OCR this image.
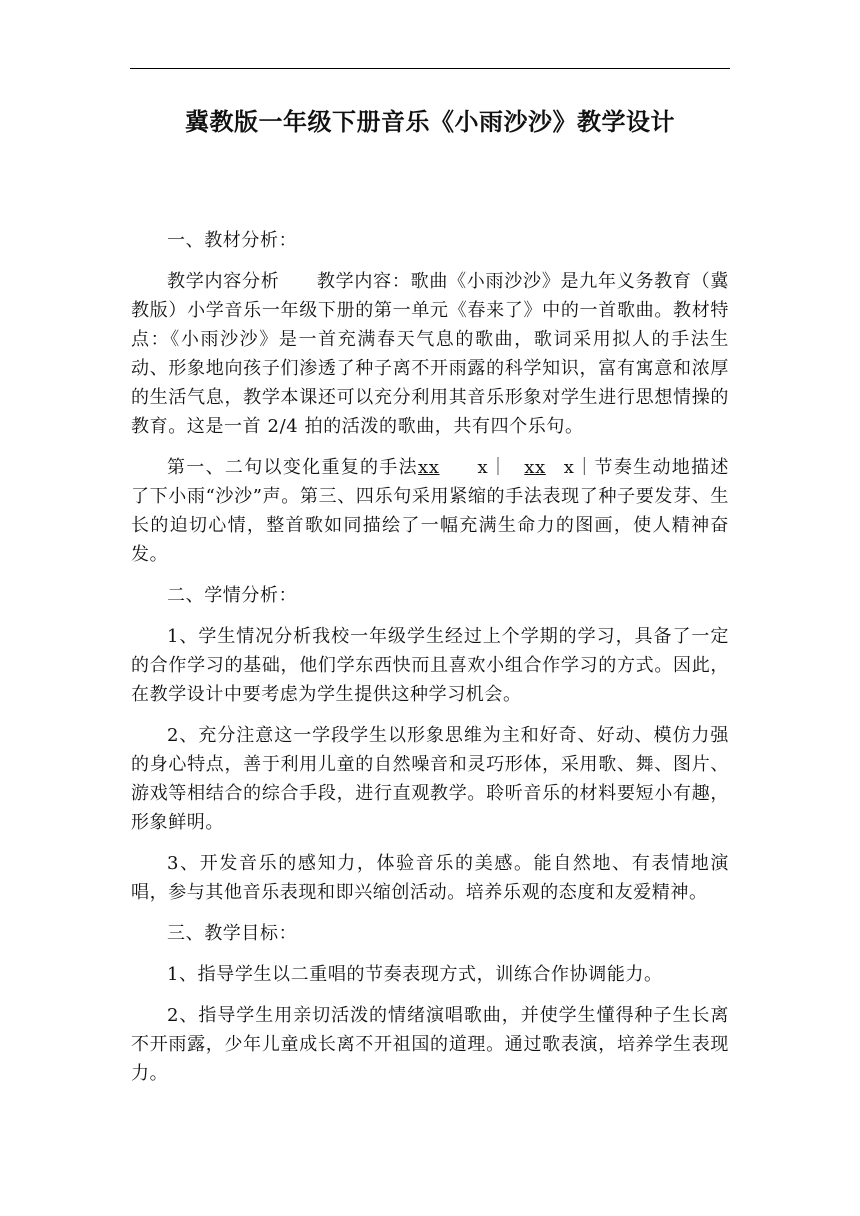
冀教版一年级下册音乐《小雨沙沙》教学设计

一、教材分析：

教学内容分析　　教学内容：歌曲《小雨沙沙》是九年义务教育（冀教版）小学音乐一年级下册的第一单元《春来了》中的一首歌曲。教材特点：《小雨沙沙》是一首充满春天气息的歌曲，歌词采用拟人的手法生动、形象地向孩子们渗透了种子离不开雨露的科学知识，富有寓意和浓厚的生活气息，教学本课还可以充分利用其音乐形象对学生进行思想情操的教育。这是一首 2/4 拍的活泼的歌曲，共有四个乐句。

第一、二句以变化重复的手法xx x｜ xx x｜节奏生动地描述了下小雨“沙沙”声。第三、四乐句采用紧缩的手法表现了种子要发芽、生长的迫切心情，整首歌如同描绘了一幅充满生命力的图画，使人精神奋发。

二、学情分析：

1、学生情况分析我校一年级学生经过上个学期的学习，具备了一定的合作学习的基础，他们学东西快而且喜欢小组合作学习的方式。因此，在教学设计中要考虑为学生提供这种学习机会。

2、充分注意这一学段学生以形象思维为主和好奇、好动、模仿力强的身心特点，善于利用儿童的自然噪音和灵巧形体，采用歌、舞、图片、游戏等相结合的综合手段，进行直观教学。聆听音乐的材料要短小有趣，形象鲜明。

3、开发音乐的感知力，体验音乐的美感。能自然地、有表情地演唱，参与其他音乐表现和即兴缩创活动。培养乐观的态度和友爱精神。

三、教学目标：

1、指导学生以二重唱的节奏表现方式，训练合作协调能力。

2、指导学生用亲切活泼的情绪演唱歌曲，并使学生懂得种子生长离不开雨露，少年儿童成长离不开祖国的道理。通过歌表演，培养学生表现力。
